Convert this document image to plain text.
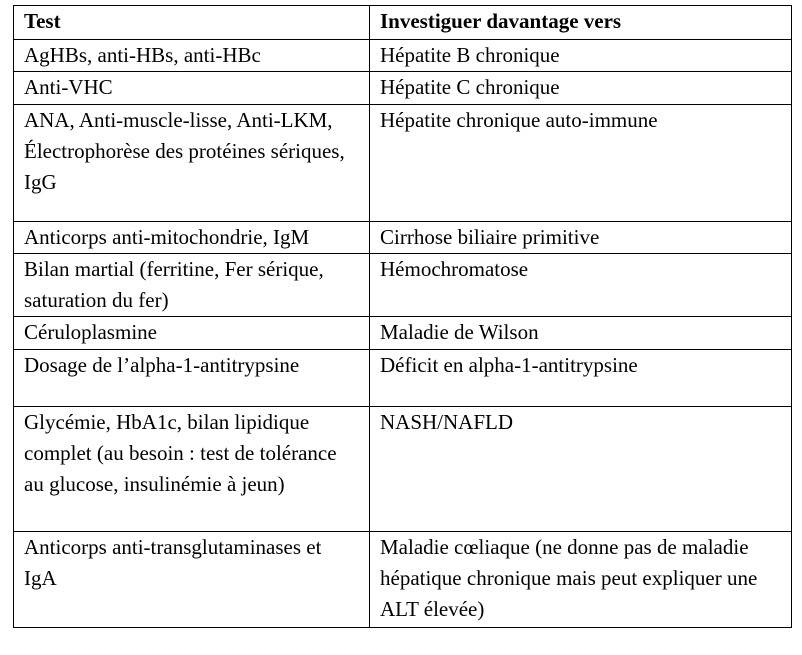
Test	Investiguer davantage vers
AgHBs, anti-HBs, anti-HBc	Hépatite B chronique
Anti-VHC	Hépatite C chronique
ANA, Anti-muscle-lisse, Anti-LKM, Électrophorèse des protéines sériques, IgG	Hépatite chronique auto-immune
Anticorps anti-mitochondrie, IgM	Cirrhose biliaire primitive
Bilan martial (ferritine, Fer sérique, saturation du fer)	Hémochromatose
Céruloplasmine	Maladie de Wilson
Dosage de l’alpha-1-antitrypsine	Déficit en alpha-1-antitrypsine
Glycémie, HbA1c, bilan lipidique complet (au besoin : test de tolérance au glucose, insulinémie à jeun)	NASH/NAFLD
Anticorps anti-transglutaminases et IgA	Maladie cœliaque (ne donne pas de maladie hépatique chronique mais peut expliquer une ALT élevée)
